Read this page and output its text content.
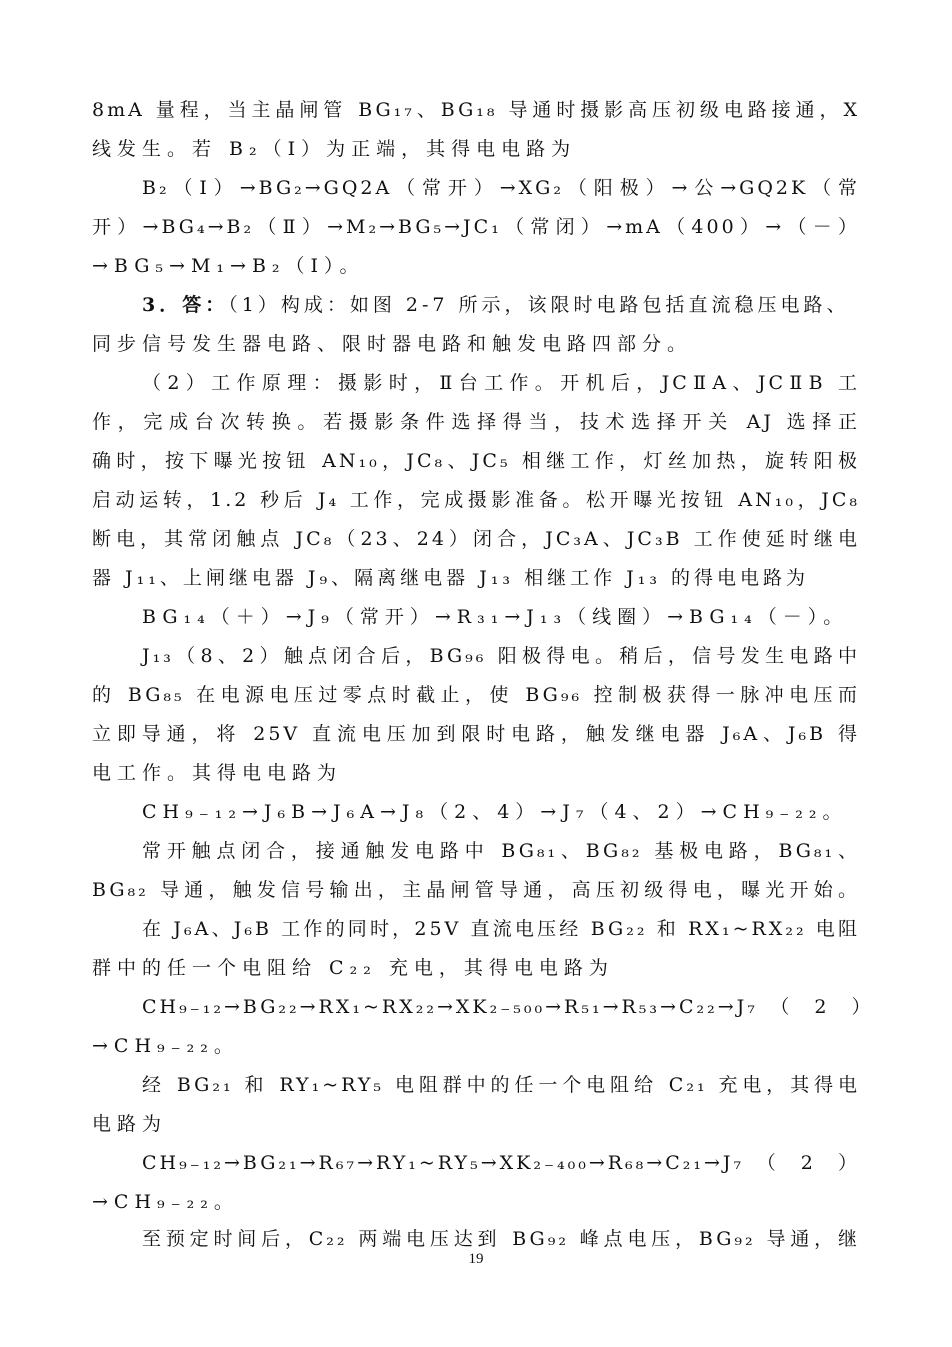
8mA 量程，当主晶闸管 BG₁₇、BG₁₈ 导通时摄影高压初级电路接通，X
线发生。若 B₂（Ⅰ）为正端，其得电电路为
B₂（Ⅰ）→BG₂→GQ2A（常开）→XG₂（阳极）→公→GQ2K（常
开）→BG₄→B₂（Ⅱ）→M₂→BG₅→JC₁（常闭）→mA（400）→（－）
→BG₅→M₁→B₂（Ⅰ）。
3．答：（1）构成：如图 2-7 所示，该限时电路包括直流稳压电路、
同步信号发生器电路、限时器电路和触发电路四部分。
（2）工作原理：摄影时，Ⅱ台工作。开机后，JCⅡA、JCⅡB 工
作，完成台次转换。若摄影条件选择得当，技术选择开关 AJ 选择正
确时，按下曝光按钮 AN₁₀，JC₈、JC₅ 相继工作，灯丝加热，旋转阳极
启动运转，1.2 秒后 J₄ 工作，完成摄影准备。松开曝光按钮 AN₁₀，JC₈
断电，其常闭触点 JC₈（23、24）闭合，JC₃A、JC₃B 工作使延时继电
器 J₁₁、上闸继电器 J₉、隔离继电器 J₁₃ 相继工作 J₁₃ 的得电电路为
BG₁₄（＋）→J₉（常开）→R₃₁→J₁₃（线圈）→BG₁₄（－）。
J₁₃（8、2）触点闭合后，BG₉₆ 阳极得电。稍后，信号发生电路中
的 BG₈₅ 在电源电压过零点时截止，使 BG₉₆ 控制极获得一脉冲电压而
立即导通，将 25V 直流电压加到限时电路，触发继电器 J₆A、J₆B 得
电工作。其得电电路为
CH₉₋₁₂→J₆B→J₆A→J₈（2、4）→J₇（4、2）→CH₉₋₂₂。
常开触点闭合，接通触发电路中 BG₈₁、BG₈₂ 基极电路，BG₈₁、
BG₈₂ 导通，触发信号输出，主晶闸管导通，高压初级得电，曝光开始。
在 J₆A、J₆B 工作的同时，25V 直流电压经 BG₂₂ 和 RX₁~RX₂₂ 电阻
群中的任一个电阻给 C₂₂ 充电，其得电电路为
CH₉₋₁₂→BG₂₂→RX₁~RX₂₂→XK₂₋₅₀₀→R₅₁→R₅₃→C₂₂→J₇　（　2　）
→CH₉₋₂₂。
经 BG₂₁ 和 RY₁~RY₅ 电阻群中的任一个电阻给 C₂₁ 充电，其得电
电路为
CH₉₋₁₂→BG₂₁→R₆₇→RY₁~RY₅→XK₂₋₄₀₀→R₆₈→C₂₁→J₇　（　2　）
→CH₉₋₂₂。
至预定时间后，C₂₂ 两端电压达到 BG₉₂ 峰点电压，BG₉₂ 导通，继
19
